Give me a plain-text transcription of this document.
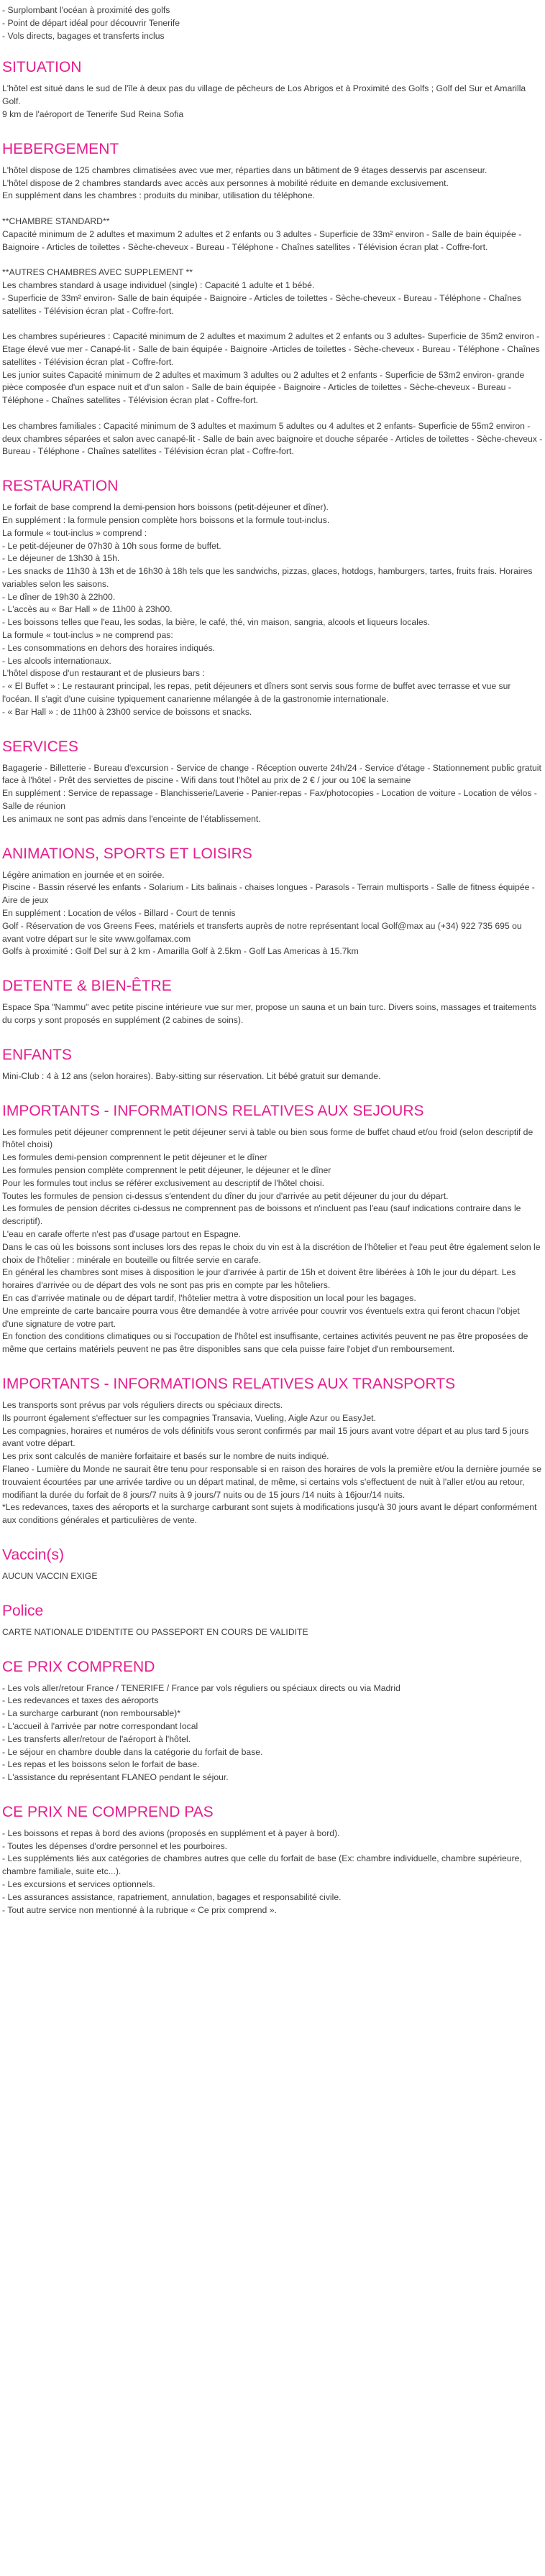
- Surplombant l'océan à proximité des golfs
- Point de départ idéal pour découvrir Tenerife
- Vols directs, bagages et transferts inclus
SITUATION
L'hôtel est situé dans le sud de l'île à deux pas du village de pêcheurs de Los Abrigos et à Proximité des Golfs ; Golf del Sur et Amarilla Golf.
9 km de l'aéroport de Tenerife Sud Reina Sofia
HEBERGEMENT
L'hôtel dispose de 125 chambres climatisées avec vue mer, réparties dans un bâtiment de 9 étages desservis par ascenseur.
L'hôtel dispose de 2 chambres standards avec accès aux personnes à mobilité réduite en demande exclusivement.
En supplément dans les chambres : produits du minibar, utilisation du téléphone.
**CHAMBRE STANDARD**
Capacité minimum de 2 adultes et maximum 2 adultes et 2 enfants ou 3 adultes - Superficie de 33m² environ - Salle de bain équipée - Baignoire - Articles de toilettes - Sèche-cheveux - Bureau - Téléphone - Chaînes satellites - Télévision écran plat - Coffre-fort.
**AUTRES CHAMBRES AVEC SUPPLEMENT **
Les chambres standard à usage individuel (single) : Capacité 1 adulte et 1 bébé.
- Superficie de 33m² environ- Salle de bain équipée - Baignoire - Articles de toilettes - Sèche-cheveux - Bureau - Téléphone - Chaînes satellites - Télévision écran plat - Coffre-fort.
Les chambres supérieures : Capacité minimum de 2 adultes et maximum 2 adultes et 2 enfants ou 3 adultes- Superficie de 35m2 environ - Etage élevé vue mer - Canapé-lit - Salle de bain équipée - Baignoire -Articles de toilettes - Sèche-cheveux - Bureau - Téléphone - Chaînes satellites - Télévision écran plat - Coffre-fort.
Les junior suites Capacité minimum de 2 adultes et maximum 3 adultes ou 2 adultes et 2 enfants - Superficie de 53m2 environ- grande pièce composée d'un espace nuit et d'un salon - Salle de bain équipée - Baignoire - Articles de toilettes - Sèche-cheveux - Bureau - Téléphone - Chaînes satellites - Télévision écran plat - Coffre-fort.
Les chambres familiales : Capacité minimum de 3 adultes et maximum 5 adultes ou 4 adultes et 2 enfants- Superficie de 55m2 environ - deux chambres séparées et salon avec canapé-lit - Salle de bain avec baignoire et douche séparée - Articles de toilettes - Sèche-cheveux - Bureau - Téléphone - Chaînes satellites - Télévision écran plat - Coffre-fort.
RESTAURATION
Le forfait de base comprend la demi-pension hors boissons (petit-déjeuner et dîner).
En supplément : la formule pension complète hors boissons et la formule tout-inclus.
La formule « tout-inclus » comprend :
- Le petit-déjeuner de 07h30 à 10h sous forme de buffet.
- Le déjeuner de 13h30 à 15h.
- Les snacks de 11h30 à 13h et de 16h30 à 18h tels que les sandwichs, pizzas, glaces, hotdogs, hamburgers, tartes, fruits frais. Horaires variables selon les saisons.
- Le dîner de 19h30 à 22h00.
- L'accès au « Bar Hall » de 11h00 à 23h00.
- Les boissons telles que l'eau, les sodas, la bière, le café, thé, vin maison, sangria, alcools et liqueurs locales.
La formule « tout-inclus » ne comprend pas:
- Les consommations en dehors des horaires indiqués.
- Les alcools internationaux.
L'hôtel dispose d'un restaurant et de plusieurs bars :
- « El Buffet » : Le restaurant principal, les repas, petit déjeuners et dîners sont servis sous forme de buffet avec terrasse et vue sur l'océan. Il s'agit d'une cuisine typiquement canarienne mélangée à de la gastronomie internationale.
- « Bar Hall » : de 11h00 à 23h00 service de boissons et snacks.
SERVICES
Bagagerie - Billetterie - Bureau d'excursion - Service de change - Réception ouverte 24h/24 - Service d'étage - Stationnement public gratuit face à l'hôtel - Prêt des serviettes de piscine - Wifi dans tout l'hôtel au prix de 2 € / jour ou 10€ la semaine
En supplément : Service de repassage - Blanchisserie/Laverie - Panier-repas - Fax/photocopies - Location de voiture - Location de vélos - Salle de réunion
Les animaux ne sont pas admis dans l'enceinte de l'établissement.
ANIMATIONS, SPORTS ET LOISIRS
Légère animation en journée et en soirée.
Piscine - Bassin réservé les enfants - Solarium - Lits balinais - chaises longues - Parasols - Terrain multisports - Salle de fitness équipée - Aire de jeux
En supplément : Location de vélos - Billard - Court de tennis
Golf - Réservation de vos Greens Fees, matériels et transferts auprès de notre représentant local Golf@max au (+34) 922 735 695 ou avant votre départ sur le site www.golfamax.com
Golfs à proximité : Golf Del sur à 2 km - Amarilla Golf à 2.5km - Golf Las Americas à 15.7km
DETENTE & BIEN-ÊTRE
Espace Spa "Nammu" avec petite piscine intérieure vue sur mer, propose un sauna et un bain turc. Divers soins, massages et traitements du corps y sont proposés en supplément (2 cabines de soins).
ENFANTS
Mini-Club : 4 à 12 ans (selon horaires). Baby-sitting sur réservation. Lit bébé gratuit sur demande.
IMPORTANTS - INFORMATIONS RELATIVES AUX SEJOURS
Les formules petit déjeuner comprennent le petit déjeuner servi à table ou bien sous forme de buffet chaud et/ou froid (selon descriptif de l'hôtel choisi)
Les formules demi-pension comprennent le petit déjeuner et le dîner
Les formules pension complète comprennent le petit déjeuner, le déjeuner et le dîner
Pour les formules tout inclus se référer exclusivement au descriptif de l'hôtel choisi.
Toutes les formules de pension ci-dessus s'entendent du dîner du jour d'arrivée au petit déjeuner du jour du départ.
Les formules de pension décrites ci-dessus ne comprennent pas de boissons et n'incluent pas l'eau (sauf indications contraire dans le descriptif).
L'eau en carafe offerte n'est pas d'usage partout en Espagne.
Dans le cas où les boissons sont incluses lors des repas le choix du vin est à la discrétion de l'hôtelier et l'eau peut être également selon le choix de l'hôtelier : minérale en bouteille ou filtrée servie en carafe.
En général les chambres sont mises à disposition le jour d'arrivée à partir de 15h et doivent être libérées à 10h le jour du départ. Les horaires d'arrivée ou de départ des vols ne sont pas pris en compte par les hôteliers.
En cas d'arrivée matinale ou de départ tardif, l'hôtelier mettra à votre disposition un local pour les bagages.
Une empreinte de carte bancaire pourra vous être demandée à votre arrivée pour couvrir vos éventuels extra qui feront chacun l'objet d'une signature de votre part.
En fonction des conditions climatiques ou si l'occupation de l'hôtel est insuffisante, certaines activités peuvent ne pas être proposées de même que certains matériels peuvent ne pas être disponibles sans que cela puisse faire l'objet d'un remboursement.
IMPORTANTS - INFORMATIONS RELATIVES AUX TRANSPORTS
Les transports sont prévus par vols réguliers directs ou spéciaux directs.
Ils pourront également s'effectuer sur les compagnies Transavia, Vueling, Aigle Azur ou EasyJet.
Les compagnies, horaires et numéros de vols définitifs vous seront confirmés par mail 15 jours avant votre départ et au plus tard 5 jours avant votre départ.
Les prix sont calculés de manière forfaitaire et basés sur le nombre de nuits indiqué.
Flaneo - Lumière du Monde ne saurait être tenu pour responsable si en raison des horaires de vols la première et/ou la dernière journée se trouvaient écourtées par une arrivée tardive ou un départ matinal, de même, si certains vols s'effectuent de nuit à l'aller et/ou au retour, modifiant la durée du forfait de 8 jours/7 nuits à 9 jours/7 nuits ou de 15 jours /14 nuits à 16jour/14 nuits.
*Les redevances, taxes des aéroports et la surcharge carburant sont sujets à modifications jusqu'à 30 jours avant le départ conformément aux conditions générales et particulières de vente.
Vaccin(s)
AUCUN VACCIN EXIGE
Police
CARTE NATIONALE D'IDENTITE OU PASSEPORT EN COURS DE VALIDITE
CE PRIX COMPREND
- Les vols aller/retour France / TENERIFE / France par vols réguliers ou spéciaux directs ou via Madrid
- Les redevances et taxes des aéroports
- La surcharge carburant (non remboursable)*
- L'accueil à l'arrivée par notre correspondant local
- Les transferts aller/retour de l'aéroport à l'hôtel.
- Le séjour en chambre double dans la catégorie du forfait de base.
- Les repas et les boissons selon le forfait de base.
- L'assistance du représentant FLANEO pendant le séjour.
CE PRIX NE COMPREND PAS
- Les boissons et repas à bord des avions (proposés en supplément et à payer à bord).
- Toutes les dépenses d'ordre personnel et les pourboires.
- Les suppléments liés aux catégories de chambres autres que celle du forfait de base (Ex: chambre individuelle, chambre supérieure, chambre familiale, suite etc...).
- Les excursions et services optionnels.
- Les assurances assistance, rapatriement, annulation, bagages et responsabilité civile.
- Tout autre service non mentionné à la rubrique « Ce prix comprend ».
